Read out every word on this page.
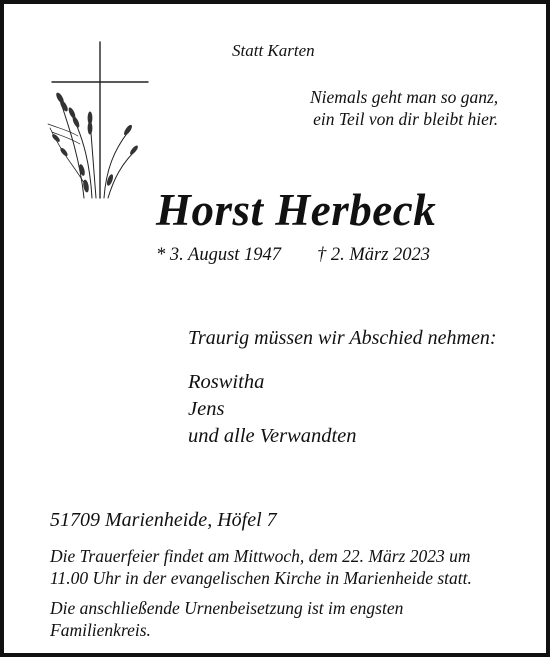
Statt Karten

Niemals geht man so ganz,
ein Teil von dir bleibt hier.

Horst Herbeck

* 3. August 1947 † 2. März 2023

Traurig müssen wir Abschied nehmen:

Roswitha
Jens
und alle Verwandten

51709 Marienheide, Höfel 7

Die Trauerfeier findet am Mittwoch, dem 22. März 2023 um
11.00 Uhr in der evangelischen Kirche in Marienheide statt.

Die anschließende Urnenbeisetzung ist im engsten
Familienkreis.
